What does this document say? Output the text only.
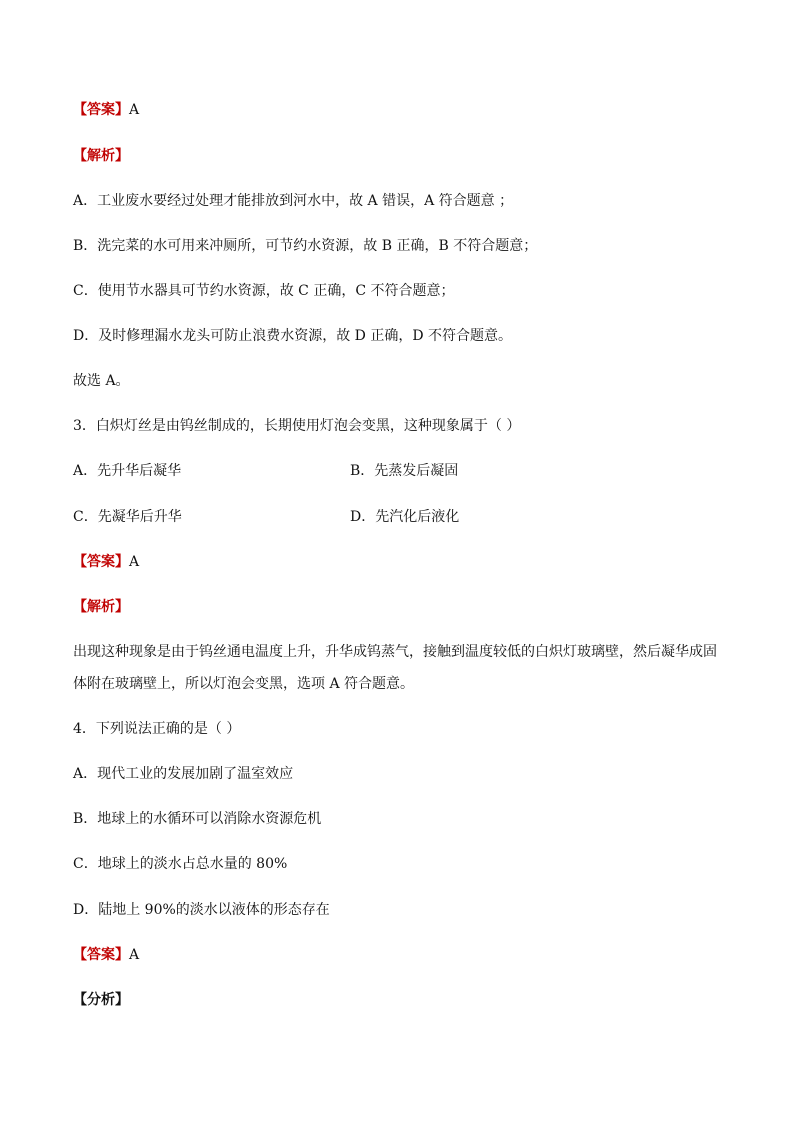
【答案】A
【解析】
A．工业废水要经过处理才能排放到河水中，故 A 错误，A 符合题意 ；
B．洗完菜的水可用来冲厕所，可节约水资源，故 B 正确，B 不符合题意；
C．使用节水器具可节约水资源，故 C 正确，C 不符合题意；
D．及时修理漏水龙头可防止浪费水资源，故 D 正确，D 不符合题意。
故选 A。
3．白炽灯丝是由钨丝制成的，长期使用灯泡会变黑，这种现象属于（ ）
A．先升华后凝华	B．先蒸发后凝固
C．先凝华后升华	D．先汽化后液化
【答案】A
【解析】
出现这种现象是由于钨丝通电温度上升，升华成钨蒸气，接触到温度较低的白炽灯玻璃壁，然后凝华成固
体附在玻璃壁上，所以灯泡会变黑，选项 A 符合题意。
4．下列说法正确的是（ ）
A．现代工业的发展加剧了温室效应
B．地球上的水循环可以消除水资源危机
C．地球上的淡水占总水量的 80%
D．陆地上 90%的淡水以液体的形态存在
【答案】A
【分析】
